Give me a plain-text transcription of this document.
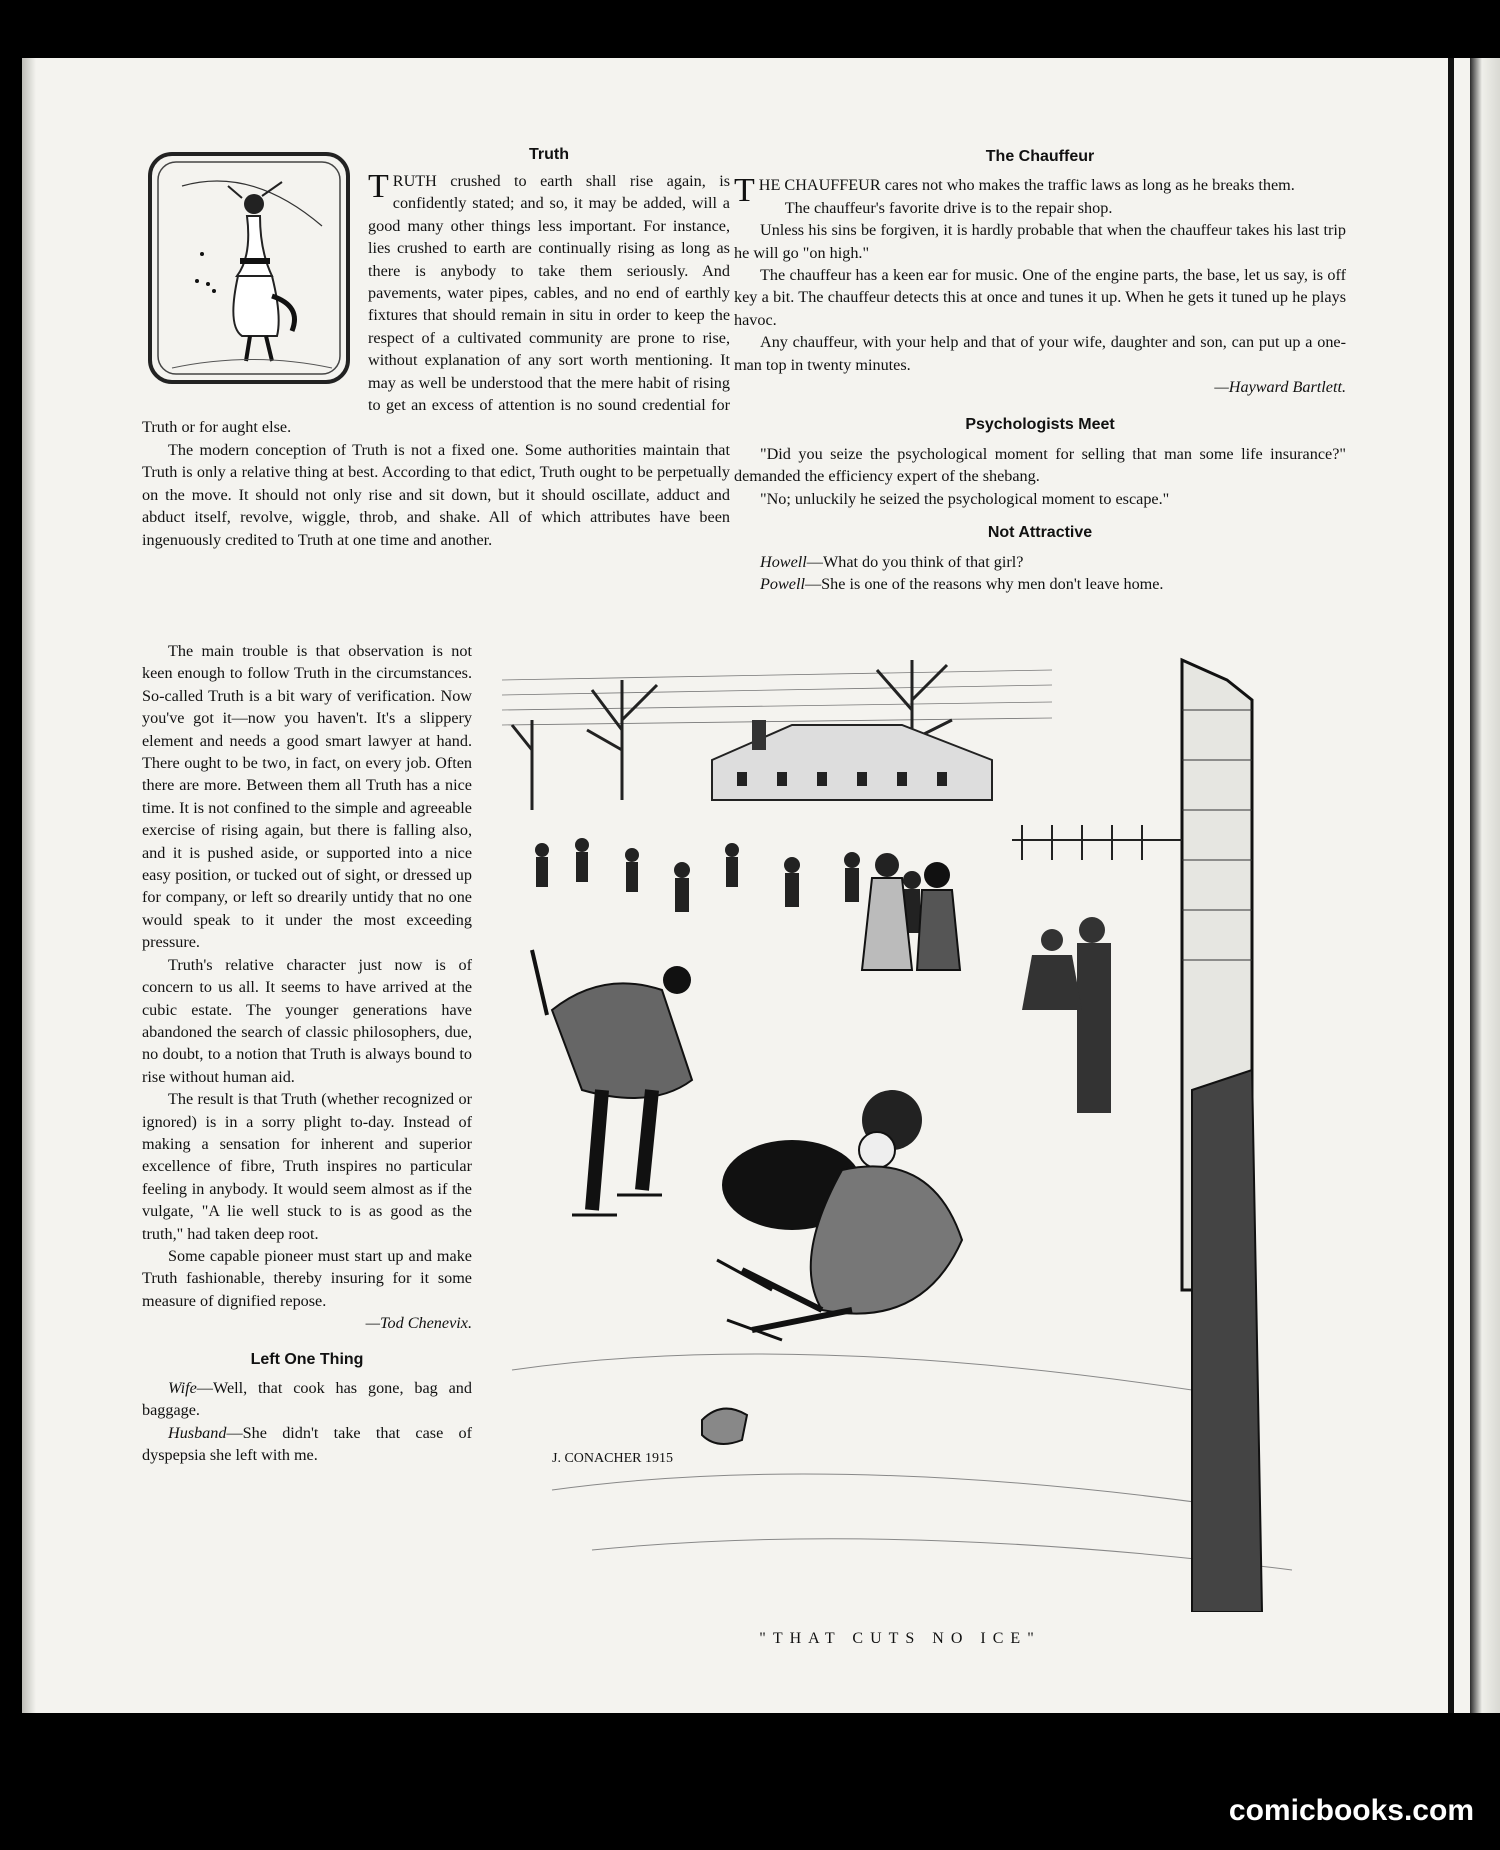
Truth

TRUTH crushed to earth shall rise again, is confidently stated; and so, it may be added, will a good many other things less important. For instance, lies crushed to earth are continually rising as long as there is anybody to take them seriously. And pavements, water pipes, cables, and no end of earthly fixtures that should remain in situ in order to keep the respect of a cultivated community are prone to rise, without explanation of any sort worth mentioning. It may as well be understood that the mere habit of rising to get an excess of attention is no sound credential for Truth or for aught else.

The modern conception of Truth is not a fixed one. Some authorities maintain that Truth is only a relative thing at best. According to that edict, Truth ought to be perpetually on the move. It should not only rise and sit down, but it should oscillate, adduct and abduct itself, revolve, wiggle, throb, and shake. All of which attributes have been ingenuously credited to Truth at one time and another.

The main trouble is that observation is not keen enough to follow Truth in the circumstances. So-called Truth is a bit wary of verification. Now you've got it—now you haven't. It's a slippery element and needs a good smart lawyer at hand. There ought to be two, in fact, on every job. Often there are more. Between them all Truth has a nice time. It is not confined to the simple and agreeable exercise of rising again, but there is falling also, and it is pushed aside, or supported into a nice easy position, or tucked out of sight, or dressed up for company, or left so drearily untidy that no one would speak to it under the most exceeding pressure.

Truth's relative character just now is of concern to us all. It seems to have arrived at the cubic estate. The younger generations have abandoned the search of classic philosophers, due, no doubt, to a notion that Truth is always bound to rise without human aid.

The result is that Truth (whether recognized or ignored) is in a sorry plight to-day. Instead of making a sensation for inherent and superior excellence of fibre, Truth inspires no particular feeling in anybody. It would seem almost as if the vulgate, "A lie well stuck to is as good as the truth," had taken deep root.

Some capable pioneer must start up and make Truth fashionable, thereby insuring for it some measure of dignified repose.

—Tod Chenevix.
Left One Thing

Wife—Well, that cook has gone, bag and baggage.

Husband—She didn't take that case of dyspepsia she left with me.

The Chauffeur

THE CHAUFFEUR cares not who makes the traffic laws as long as he breaks them.

The chauffeur's favorite drive is to the repair shop.

Unless his sins be forgiven, it is hardly probable that when the chauffeur takes his last trip he will go "on high."

The chauffeur has a keen ear for music. One of the engine parts, the base, let us say, is off key a bit. The chauffeur detects this at once and tunes it up. When he gets it tuned up he plays havoc.

Any chauffeur, with your help and that of your wife, daughter and son, can put up a one-man top in twenty minutes.

—Hayward Bartlett.
Psychologists Meet

"Did you seize the psychological moment for selling that man some life insurance?" demanded the efficiency expert of the shebang.

"No; unluckily he seized the psychological moment to escape."

Not Attractive

Howell—What do you think of that girl?

Powell—She is one of the reasons why men don't leave home.

J. CONACHER 1915
"THAT CUTS NO ICE"
comicbooks.com
